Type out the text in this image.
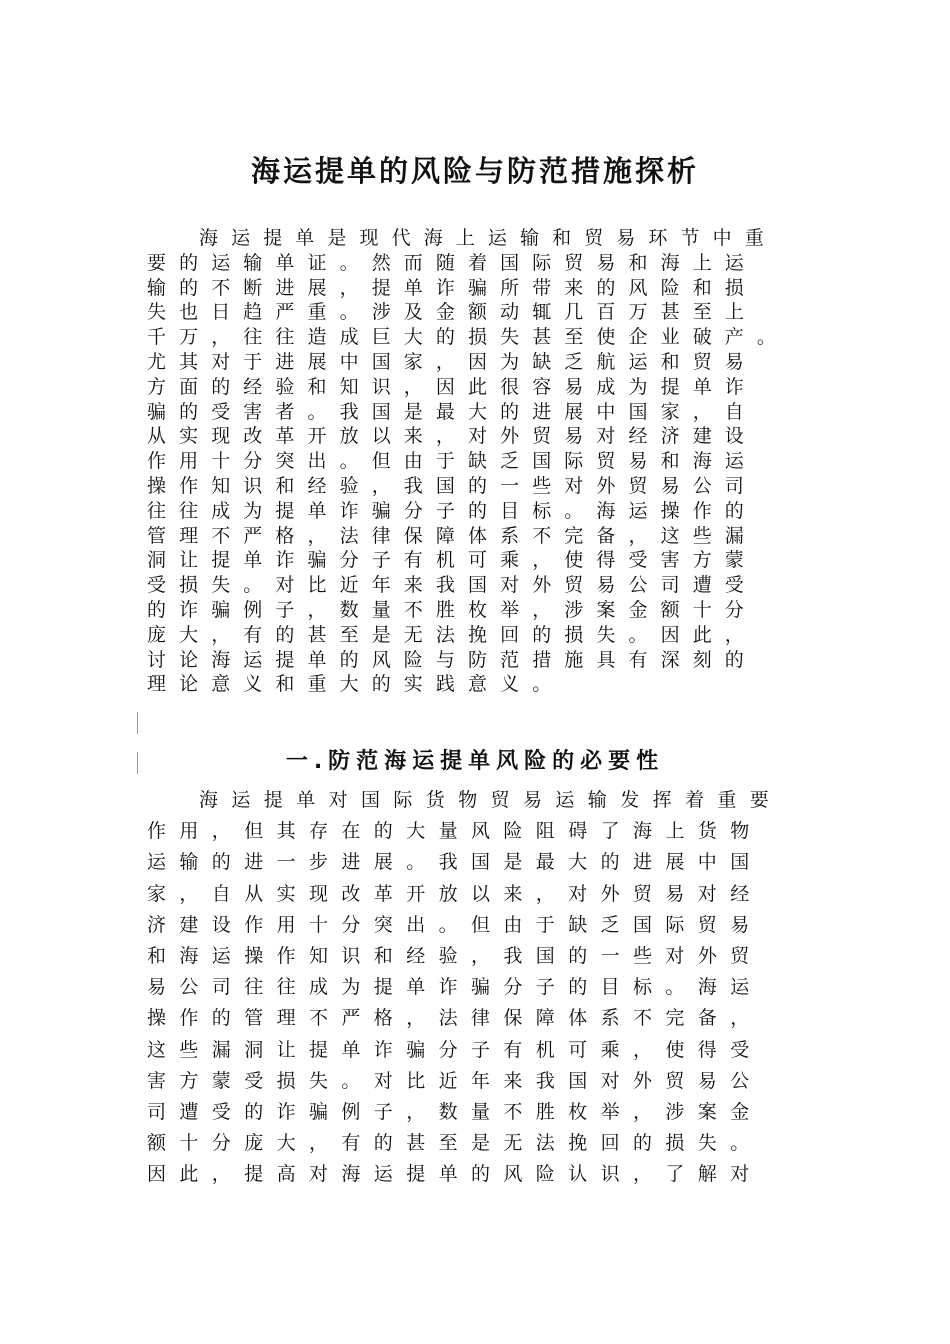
海运提单的风险与防范措施探析
海运提单是现代海上运输和贸易环节中重
要的运输单证。然而随着国际贸易和海上运
输的不断进展，提单诈骗所带来的风险和损
失也日趋严重。涉及金额动辄几百万甚至上
千万，往往造成巨大的损失甚至使企业破产。
尤其对于进展中国家，因为缺乏航运和贸易
方面的经验和知识，因此很容易成为提单诈
骗的受害者。我国是最大的进展中国家，自
从实现改革开放以来，对外贸易对经济建设
作用十分突出。但由于缺乏国际贸易和海运
操作知识和经验，我国的一些对外贸易公司
往往成为提单诈骗分子的目标。海运操作的
管理不严格，法律保障体系不完备，这些漏
洞让提单诈骗分子有机可乘，使得受害方蒙
受损失。对比近年来我国对外贸易公司遭受
的诈骗例子，数量不胜枚举，涉案金额十分
庞大，有的甚至是无法挽回的损失。因此，
讨论海运提单的风险与防范措施具有深刻的
理论意义和重大的实践意义。
一.防范海运提单风险的必要性
海运提单对国际货物贸易运输发挥着重要
作用，但其存在的大量风险阻碍了海上货物
运输的进一步进展。我国是最大的进展中国
家，自从实现改革开放以来，对外贸易对经
济建设作用十分突出。但由于缺乏国际贸易
和海运操作知识和经验，我国的一些对外贸
易公司往往成为提单诈骗分子的目标。海运
操作的管理不严格，法律保障体系不完备，
这些漏洞让提单诈骗分子有机可乘，使得受
害方蒙受损失。对比近年来我国对外贸易公
司遭受的诈骗例子，数量不胜枚举，涉案金
额十分庞大，有的甚至是无法挽回的损失。
因此，提高对海运提单的风险认识，了解对
